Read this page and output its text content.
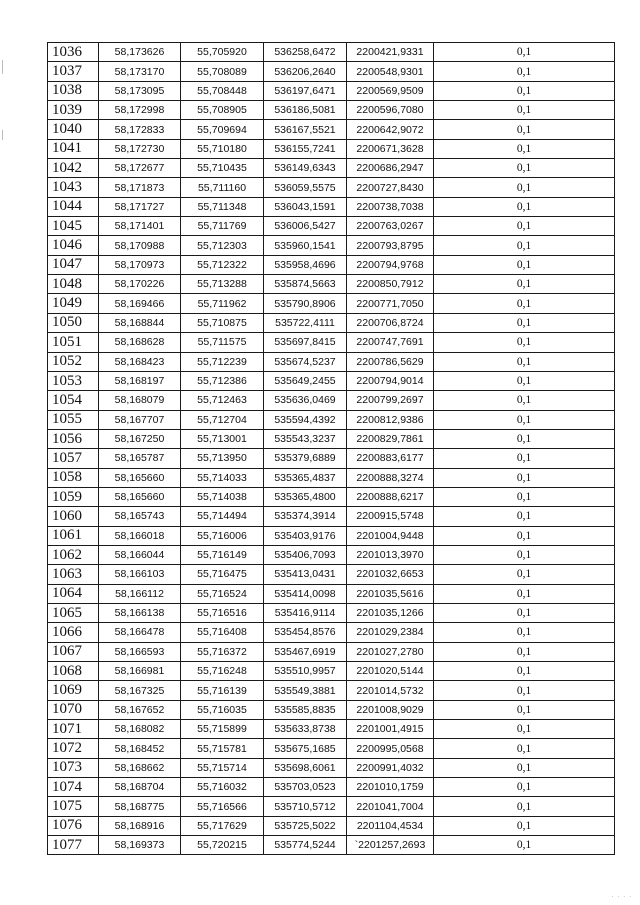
1036	58,173626	55,705920	536258,6472	2200421,9331	0,1
1037	58,173170	55,708089	536206,2640	2200548,9301	0,1
1038	58,173095	55,708448	536197,6471	2200569,9509	0,1
1039	58,172998	55,708905	536186,5081	2200596,7080	0,1
1040	58,172833	55,709694	536167,5521	2200642,9072	0,1
1041	58,172730	55,710180	536155,7241	2200671,3628	0,1
1042	58,172677	55,710435	536149,6343	2200686,2947	0,1
1043	58,171873	55,711160	536059,5575	2200727,8430	0,1
1044	58,171727	55,711348	536043,1591	2200738,7038	0,1
1045	58,171401	55,711769	536006,5427	2200763,0267	0,1
1046	58,170988	55,712303	535960,1541	2200793,8795	0,1
1047	58,170973	55,712322	535958,4696	2200794,9768	0,1
1048	58,170226	55,713288	535874,5663	2200850,7912	0,1
1049	58,169466	55,711962	535790,8906	2200771,7050	0,1
1050	58,168844	55,710875	535722,4111	2200706,8724	0,1
1051	58,168628	55,711575	535697,8415	2200747,7691	0,1
1052	58,168423	55,712239	535674,5237	2200786,5629	0,1
1053	58,168197	55,712386	535649,2455	2200794,9014	0,1
1054	58,168079	55,712463	535636,0469	2200799,2697	0,1
1055	58,167707	55,712704	535594,4392	2200812,9386	0,1
1056	58,167250	55,713001	535543,3237	2200829,7861	0,1
1057	58,165787	55,713950	535379,6889	2200883,6177	0,1
1058	58,165660	55,714033	535365,4837	2200888,3274	0,1
1059	58,165660	55,714038	535365,4800	2200888,6217	0,1
1060	58,165743	55,714494	535374,3914	2200915,5748	0,1
1061	58,166018	55,716006	535403,9176	2201004,9448	0,1
1062	58,166044	55,716149	535406,7093	2201013,3970	0,1
1063	58,166103	55,716475	535413,0431	2201032,6653	0,1
1064	58,166112	55,716524	535414,0098	2201035,5616	0,1
1065	58,166138	55,716516	535416,9114	2201035,1266	0,1
1066	58,166478	55,716408	535454,8576	2201029,2384	0,1
1067	58,166593	55,716372	535467,6919	2201027,2780	0,1
1068	58,166981	55,716248	535510,9957	2201020,5144	0,1
1069	58,167325	55,716139	535549,3881	2201014,5732	0,1
1070	58,167652	55,716035	535585,8835	2201008,9029	0,1
1071	58,168082	55,715899	535633,8738	2201001,4915	0,1
1072	58,168452	55,715781	535675,1685	2200995,0568	0,1
1073	58,168662	55,715714	535698,6061	2200991,4032	0,1
1074	58,168704	55,716032	535703,0523	2201010,1759	0,1
1075	58,168775	55,716566	535710,5712	2201041,7004	0,1
1076	58,168916	55,717629	535725,5022	2201104,4534	0,1
1077	58,169373	55,720215	535774,5244	`2201257,2693	0,1
· · · ·
